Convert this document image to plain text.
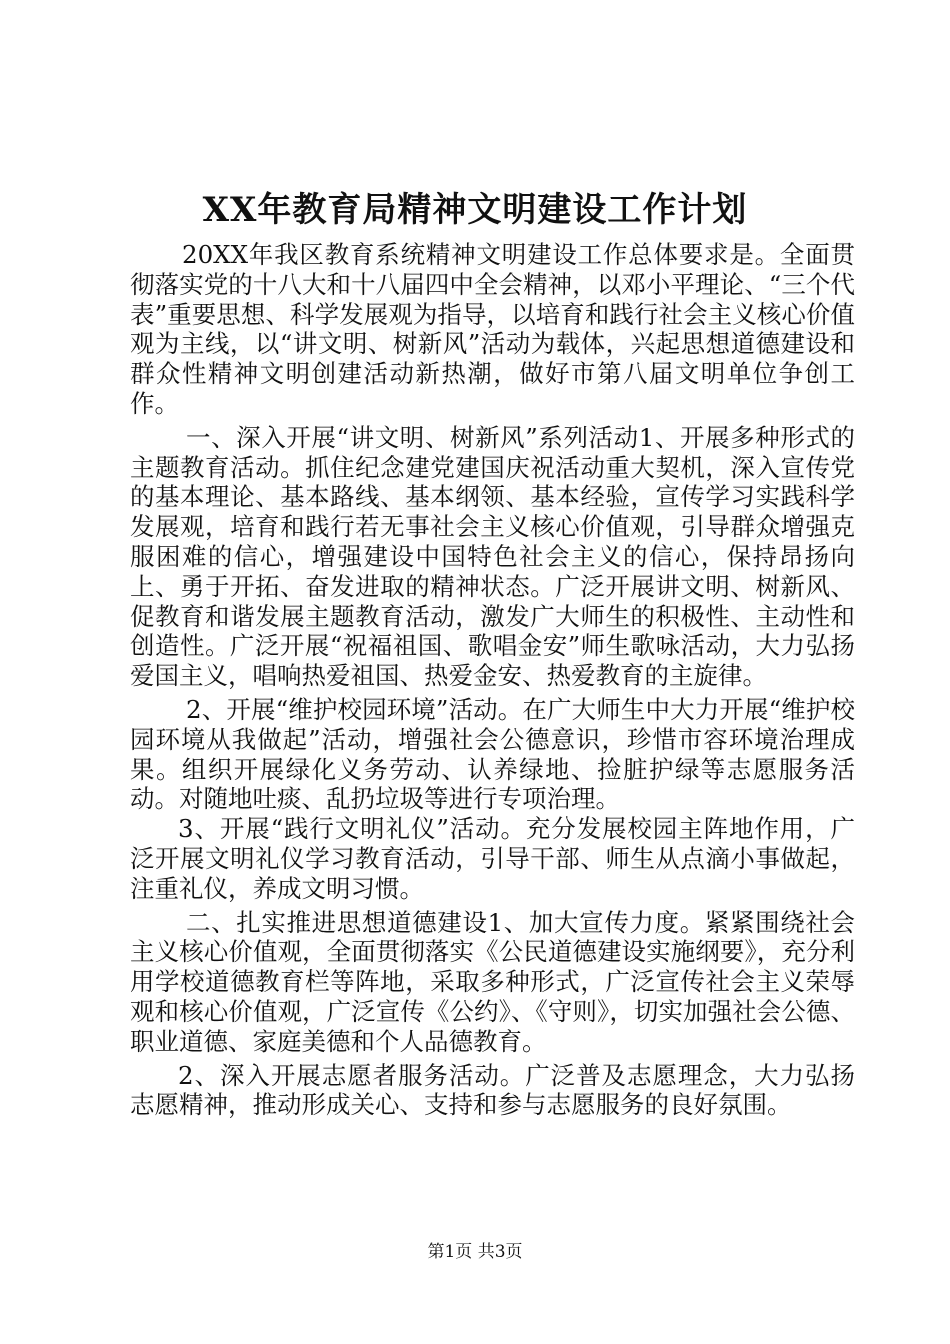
XX年教育局精神文明建设工作计划

20XX年我区教育系统精神文明建设工作总体要求是。全面贯彻落实党的十八大和十八届四中全会精神，以邓小平理论、“三个代表”重要思想、科学发展观为指导，以培育和践行社会主义核心价值观为主线，以“讲文明、树新风”活动为载体，兴起思想道德建设和群众性精神文明创建活动新热潮，做好市第八届文明单位争创工作。

一、深入开展“讲文明、树新风”系列活动1、开展多种形式的主题教育活动。抓住纪念建党建国庆祝活动重大契机，深入宣传党的基本理论、基本路线、基本纲领、基本经验，宣传学习实践科学发展观，培育和践行若无事社会主义核心价值观，引导群众增强克服困难的信心，增强建设中国特色社会主义的信心，保持昂扬向上、勇于开拓、奋发进取的精神状态。广泛开展讲文明、树新风、促教育和谐发展主题教育活动，激发广大师生的积极性、主动性和创造性。广泛开展“祝福祖国、歌唱金安”师生歌咏活动，大力弘扬爱国主义，唱响热爱祖国、热爱金安、热爱教育的主旋律。

2、开展“维护校园环境”活动。在广大师生中大力开展“维护校园环境从我做起”活动，增强社会公德意识，珍惜市容环境治理成果。组织开展绿化义务劳动、认养绿地、捡脏护绿等志愿服务活动。对随地吐痰、乱扔垃圾等进行专项治理。

3、开展“践行文明礼仪”活动。充分发展校园主阵地作用，广泛开展文明礼仪学习教育活动，引导干部、师生从点滴小事做起，注重礼仪，养成文明习惯。

二、扎实推进思想道德建设1、加大宣传力度。紧紧围绕社会主义核心价值观，全面贯彻落实《公民道德建设实施纲要》，充分利用学校道德教育栏等阵地，采取多种形式，广泛宣传社会主义荣辱观和核心价值观，广泛宣传《公约》、《守则》，切实加强社会公德、职业道德、家庭美德和个人品德教育。

2、深入开展志愿者服务活动。广泛普及志愿理念，大力弘扬志愿精神，推动形成关心、支持和参与志愿服务的良好氛围。

第1页 共3页
